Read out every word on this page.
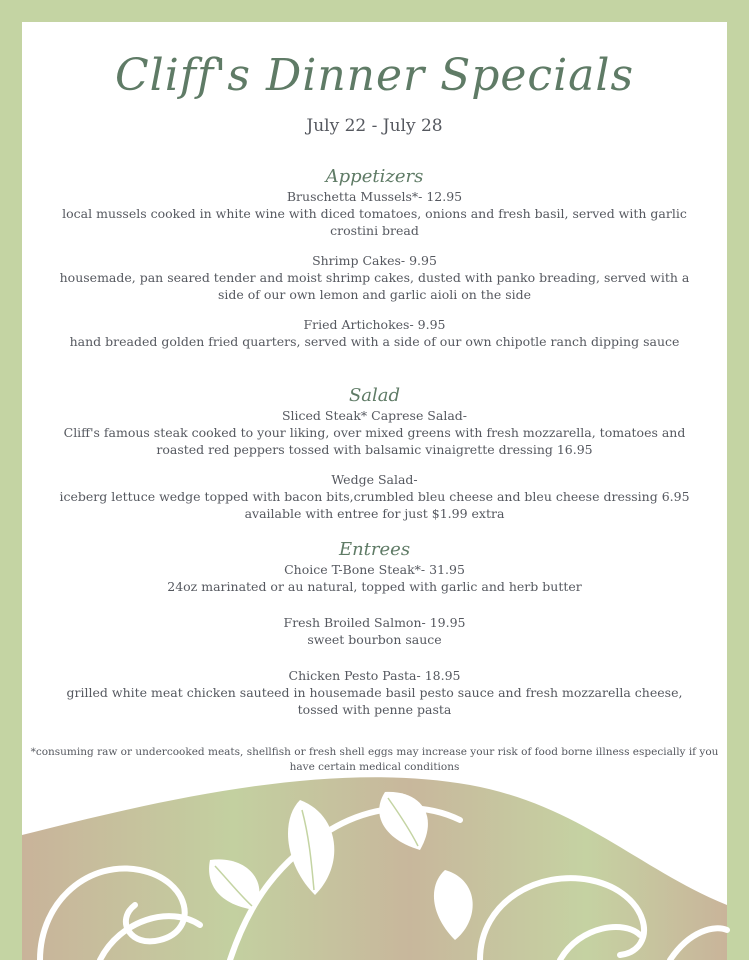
Cliff's Dinner Specials
July 22 - July 28
Appetizers
Bruschetta Mussels*- 12.95
local mussels cooked in white wine with diced tomatoes, onions and fresh basil, served with garlic crostini bread
Shrimp Cakes- 9.95
housemade, pan seared tender and moist shrimp cakes, dusted with panko breading, served with a side of our own lemon and garlic aioli on the side
Fried Artichokes- 9.95
hand breaded golden fried quarters, served with a side of our own chipotle ranch dipping sauce
Salad
Sliced Steak* Caprese Salad-
Cliff's famous steak cooked to your liking, over mixed greens with fresh mozzarella, tomatoes and roasted red peppers tossed with balsamic vinaigrette dressing 16.95
Wedge Salad-
iceberg lettuce wedge topped with bacon bits,crumbled bleu cheese and bleu cheese dressing 6.95 available with entree for just $1.99 extra
Entrees
Choice T-Bone Steak*- 31.95
24oz marinated or au natural, topped with garlic and herb butter
Fresh Broiled Salmon- 19.95
sweet bourbon sauce
Chicken Pesto Pasta- 18.95
grilled white meat chicken sauteed in housemade basil pesto sauce and fresh mozzarella cheese, tossed with penne pasta
*consuming raw or undercooked meats, shellfish or fresh shell eggs may increase your risk of food borne illness especially if you have certain medical conditions
